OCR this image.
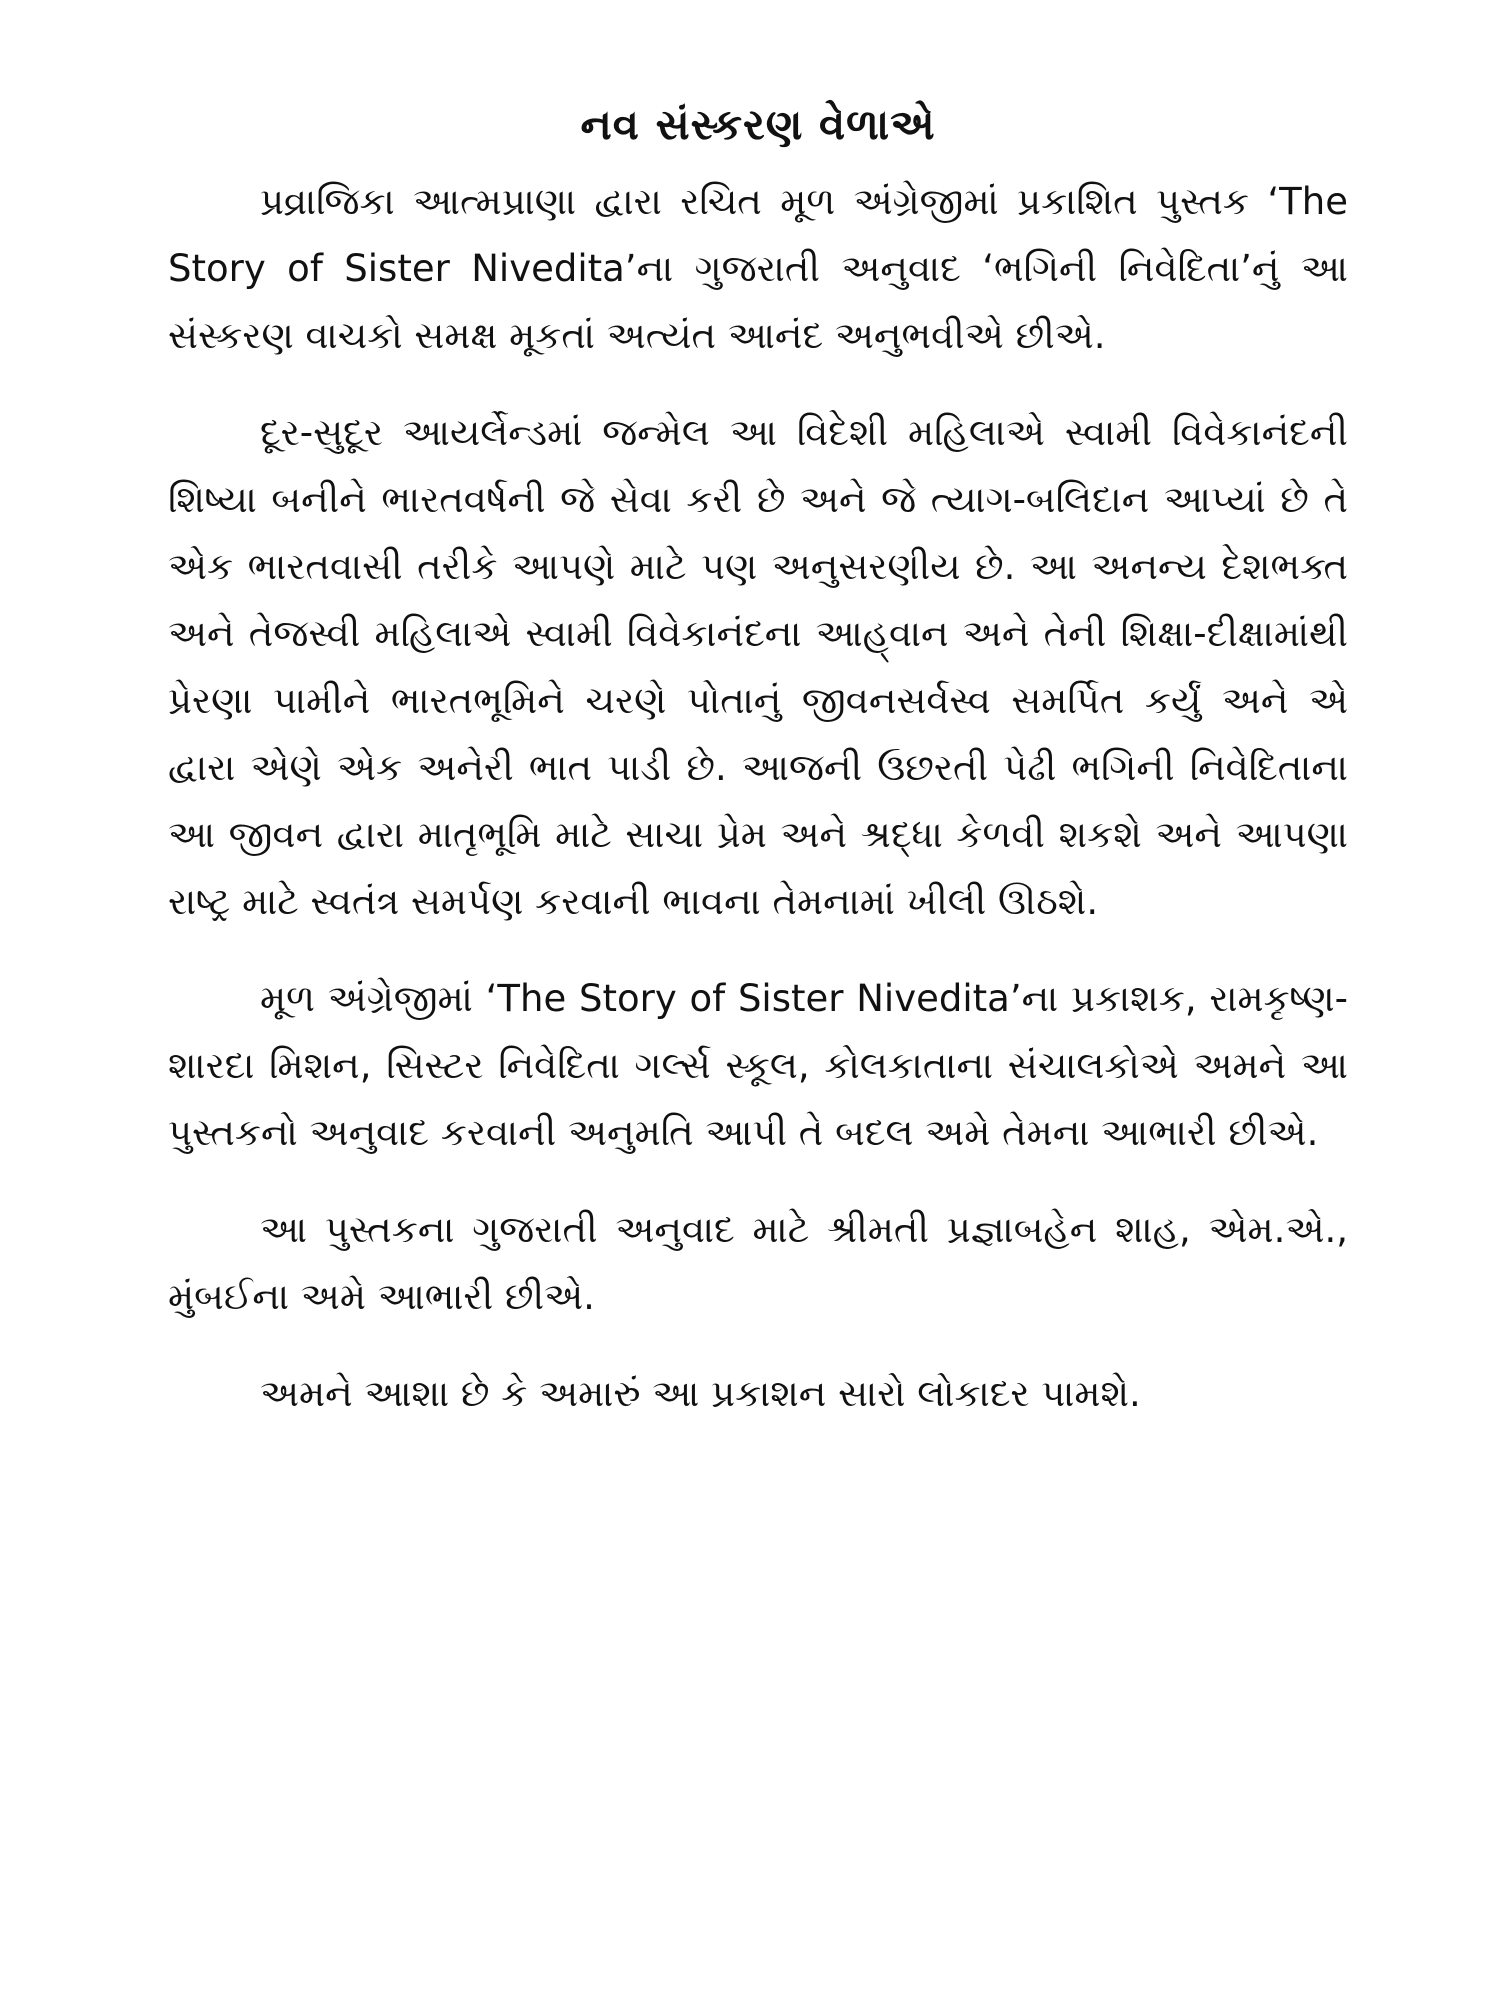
નવ સંસ્કરણ વેળાએ

પ્રવ્રાજિકા આત્મપ્રાણા દ્વારા રચિત મૂળ અંગ્રેજીમાં પ્રકાશિત પુસ્તક ‘The Story of Sister Nivedita’ના ગુજરાતી અનુવાદ ‘ભગિની નિવેદિતા’નું આ સંસ્કરણ વાચકો સમક્ષ મૂકતાં અત્યંત આનંદ અનુભવીએ છીએ.

દૂર-સુદૂર આયર્લેન્ડમાં જન્મેલ આ વિદેશી મહિલાએ સ્વામી વિવેકાનંદની શિષ્યા બનીને ભારતવર્ષની જે સેવા કરી છે અને જે ત્યાગ-બલિદાન આપ્યાં છે તે એક ભારતવાસી તરીકે આપણે માટે પણ અનુસરણીય છે. આ અનન્ય દેશભક્ત અને તેજસ્વી મહિલાએ સ્વામી વિવેકાનંદના આહ્‌વાન અને તેની શિક્ષા-દીક્ષામાંથી પ્રેરણા પામીને ભારતભૂમિને ચરણે પોતાનું જીવનસર્વસ્વ સમર્પિત કર્યું અને એ દ્વારા એણે એક અનેરી ભાત પાડી છે. આજની ઉછરતી પેઢી ભગિની નિવેદિતાના આ જીવન દ્વારા માતૃભૂમિ માટે સાચા પ્રેમ અને શ્રદ્ધા કેળવી શકશે અને આપણા રાષ્ટ્ર માટે સ્વતંત્ર સમર્પણ કરવાની ભાવના તેમનામાં ખીલી ઊઠશે.

મૂળ અંગ્રેજીમાં ‘The Story of Sister Nivedita’ના પ્રકાશક, રામકૃષ્ણ-શારદા મિશન, સિસ્ટર નિવેદિતા ગર્લ્સ સ્કૂલ, કોલકાતાના સંચાલકોએ અમને આ પુસ્તકનો અનુવાદ કરવાની અનુમતિ આપી તે બદલ અમે તેમના આભારી છીએ.

આ પુસ્તકના ગુજરાતી અનુવાદ માટે શ્રીમતી પ્રજ્ઞાબહેન શાહ, એમ.એ., મુંબઈના અમે આભારી છીએ.

અમને આશા છે કે અમારું આ પ્રકાશન સારો લોકાદર પામશે.
